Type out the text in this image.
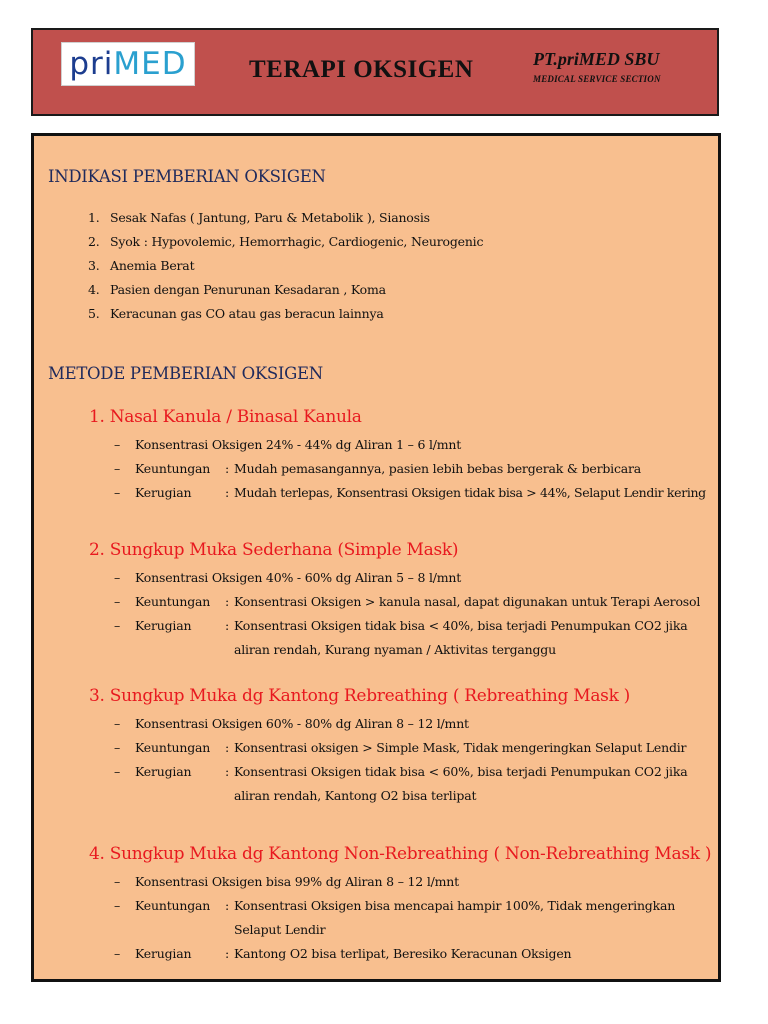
priMED	TERAPI OKSIGEN	PT.priMED SBU
MEDICAL SERVICE SECTION
INDIKASI PEMBERIAN OKSIGEN
1. Sesak Nafas ( Jantung, Paru & Metabolik ), Sianosis
2. Syok : Hypovolemic, Hemorrhagic, Cardiogenic, Neurogenic
3. Anemia Berat
4. Pasien dengan Penurunan Kesadaran , Koma
5. Keracunan gas CO atau gas beracun lainnya
METODE PEMBERIAN OKSIGEN
1. Nasal Kanula / Binasal Kanula
– Konsentrasi Oksigen 24% - 44% dg Aliran 1 – 6 l/mnt
– Keuntungan : Mudah pemasangannya, pasien lebih bebas bergerak & berbicara
– Kerugian	: Mudah terlepas, Konsentrasi Oksigen tidak bisa > 44%, Selaput Lendir kering
2. Sungkup Muka Sederhana (Simple Mask)
– Konsentrasi Oksigen 40% - 60% dg Aliran 5 – 8 l/mnt
– Keuntungan : Konsentrasi Oksigen > kanula nasal, dapat digunakan untuk Terapi Aerosol
– Kerugian	: Konsentrasi Oksigen tidak bisa < 40%, bisa terjadi Penumpukan CO2 jika aliran rendah, Kurang nyaman / Aktivitas terganggu
3. Sungkup Muka dg Kantong Rebreathing ( Rebreathing Mask )
– Konsentrasi Oksigen 60% - 80% dg Aliran 8 – 12 l/mnt
– Keuntungan : Konsentrasi oksigen > Simple Mask, Tidak mengeringkan Selaput Lendir
– Kerugian	: Konsentrasi Oksigen tidak bisa < 60%, bisa terjadi Penumpukan CO2 jika aliran rendah, Kantong O2 bisa terlipat
4. Sungkup Muka dg Kantong Non-Rebreathing ( Non-Rebreathing Mask )
– Konsentrasi Oksigen bisa 99% dg Aliran 8 – 12 l/mnt
– Keuntungan : Konsentrasi Oksigen bisa mencapai hampir 100%, Tidak mengeringkan Selaput Lendir
– Kerugian	: Kantong O2 bisa terlipat, Beresiko Keracunan Oksigen
